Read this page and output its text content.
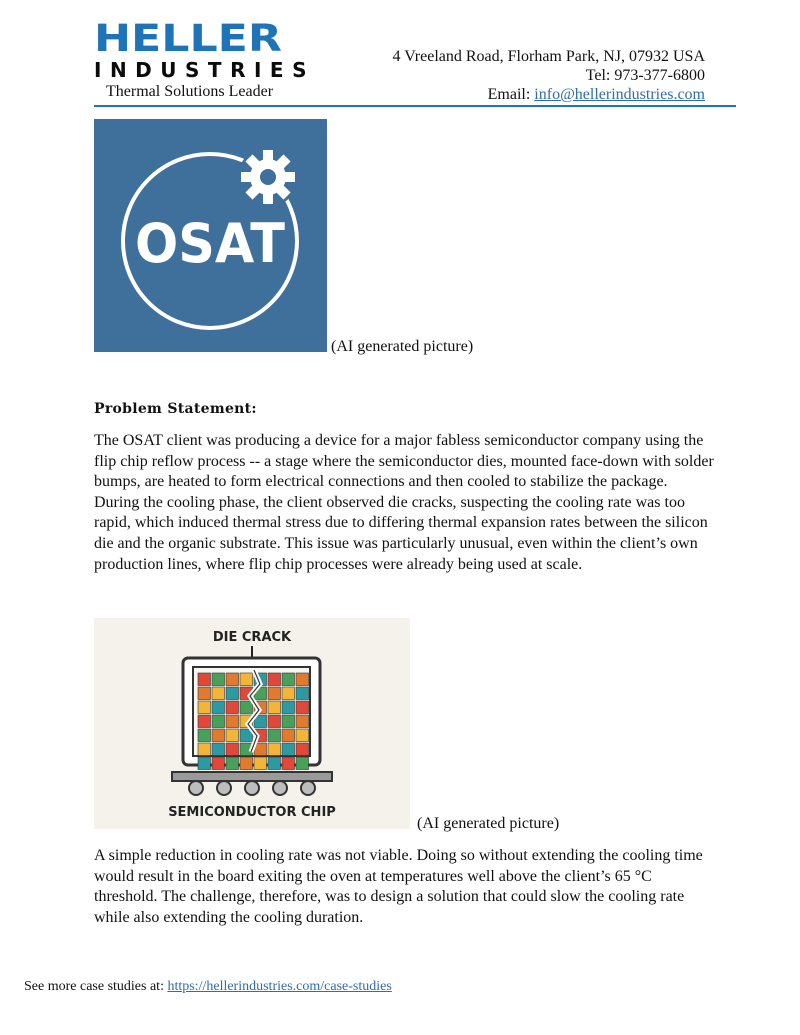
HELLER
INDUSTRIES
Thermal Solutions Leader
4 Vreeland Road, Florham Park, NJ, 07932 USA
Tel: 973-377-6800
Email: info@hellerindustries.com
OSAT
(AI generated picture)
Problem Statement:
The OSAT client was producing a device for a major fabless semiconductor company using the flip chip reflow process -- a stage where the semiconductor dies, mounted face-down with solder bumps, are heated to form electrical connections and then cooled to stabilize the package. During the cooling phase, the client observed die cracks, suspecting the cooling rate was too rapid, which induced thermal stress due to differing thermal expansion rates between the silicon die and the organic substrate. This issue was particularly unusual, even within the client’s own production lines, where flip chip processes were already being used at scale.
DIE CRACK
SEMICONDUCTOR CHIP
(AI generated picture)
A simple reduction in cooling rate was not viable. Doing so without extending the cooling time would result in the board exiting the oven at temperatures well above the client’s 65 °C threshold. The challenge, therefore, was to design a solution that could slow the cooling rate while also extending the cooling duration.
See more case studies at: https://hellerindustries.com/case-studies
